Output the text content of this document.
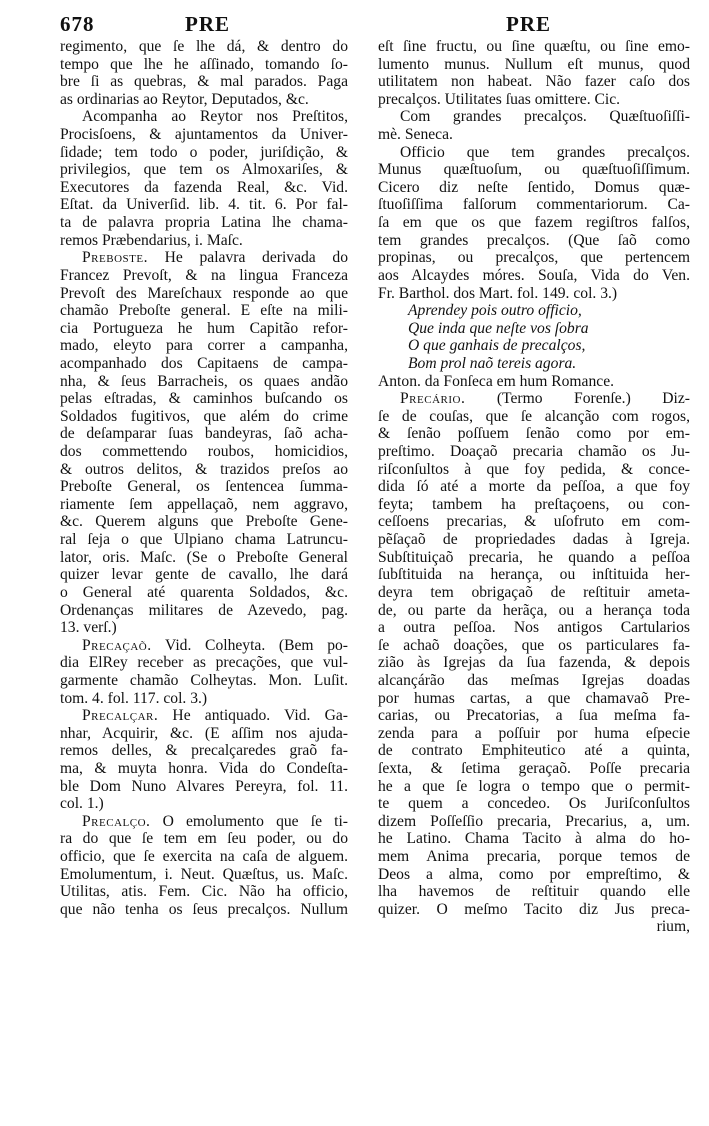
678	PRE	PRE
regimento, que ſe lhe dá, & dentro do
tempo que lhe he aſſinado, tomando ſo-
bre ſi as quebras, & mal parados. Paga
as ordinarias ao Reytor, Deputados, &c.
Acompanha ao Reytor nos Preſtitos,
Procisſoens, & ajuntamentos da Univer-
ſidade; tem todo o poder, juriſdição, &
privilegios, que tem os Almoxariſes, &
Executores da fazenda Real, &c. Vid.
Eſtat. da Univerſid. lib. 4. tit. 6. Por fal-
ta de palavra propria Latina lhe chama-
remos Præbendarius, i. Maſc.
Preboste. He palavra derivada do
Francez Prevoſt, & na lingua Franceza
Prevoſt des Mareſchaux responde ao que
chamão Preboſte general. E eſte na mili-
cia Portugueza he hum Capitão refor-
mado, eleyto para correr a campanha,
acompanhado dos Capitaens de campa-
nha, & ſeus Barracheis, os quaes andão
pelas eſtradas, & caminhos buſcando os
Soldados fugitivos, que além do crime
de deſamparar ſuas bandeyras, ſaõ acha-
dos commettendo roubos, homicidios,
& outros delitos, & trazidos preſos ao
Preboſte General, os ſentencea ſumma-
riamente ſem appellaçaõ, nem aggravo,
&c. Querem alguns que Preboſte Gene-
ral ſeja o que Ulpiano chama Latruncu-
lator, oris. Maſc. (Se o Preboſte General
quizer levar gente de cavallo, lhe dará
o General até quarenta Soldados, &c.
Ordenanças militares de Azevedo, pag.
13. verſ.)
Precaçaõ. Vid. Colheyta. (Bem po-
dia ElRey receber as precações, que vul-
garmente chamão Colheytas. Mon. Luſit.
tom. 4. fol. 117. col. 3.)
Precalçar. He antiquado. Vid. Ga-
nhar, Acquirir, &c. (E aſſim nos ajuda-
remos delles, & precalçaredes graõ fa-
ma, & muyta honra. Vida do Condeſta-
ble Dom Nuno Alvares Pereyra, fol. 11.
col. 1.)
Precalço. O emolumento que ſe ti-
ra do que ſe tem em ſeu poder, ou do
officio, que ſe exercita na caſa de alguem.
Emolumentum, i. Neut. Quæſtus, us. Maſc.
Utilitas, atis. Fem. Cic. Não ha officio,
que não tenha os ſeus precalços. Nullum
eſt ſine fructu, ou ſine quæſtu, ou ſine emo-
lumento munus. Nullum eſt munus, quod
utilitatem non habeat. Não fazer caſo dos
precalços. Utilitates ſuas omittere. Cic.
Com grandes precalços. Quæſtuoſiſſi-
mè. Seneca.
Officio que tem grandes precalços.
Munus quæſtuoſum, ou quæſtuoſiſſimum.
Cicero diz neſte ſentido, Domus quæ-
ſtuoſiſſima falſorum commentariorum. Ca-
ſa em que os que fazem regiſtros falſos,
tem grandes precalços. (Que ſaõ como
propinas, ou precalços, que pertencem
aos Alcaydes móres. Souſa, Vida do Ven.
Fr. Barthol. dos Mart. fol. 149. col. 3.)
Aprendey pois outro officio,
Que inda que neſte vos ſobra
O que ganhais de precalços,
Bom prol naõ tereis agora.
Anton. da Fonſeca em hum Romance.
Precário. (Termo Forenſe.) Diz-
ſe de couſas, que ſe alcanção com rogos,
& ſenão poſſuem ſenão como por em-
preſtimo. Doaçaõ precaria chamão os Ju-
riſconſultos à que foy pedida, & conce-
dida ſó até a morte da peſſoa, a que foy
feyta; tambem ha preſtaçoens, ou con-
ceſſoens precarias, & uſofruto em com-
pẽſaçaõ de propriedades dadas à Igreja.
Subſtituiçaõ precaria, he quando a peſſoa
ſubſtituida na herança, ou inſtituida her-
deyra tem obrigaçaõ de reſtituir ameta-
de, ou parte da herãça, ou a herança toda
a outra peſſoa. Nos antigos Cartularios
ſe achaõ doações, que os particulares fa-
zião às Igrejas da ſua fazenda, & depois
alcançárão das meſmas Igrejas doadas
por humas cartas, a que chamavaõ Pre-
carias, ou Precatorias, a ſua meſma fa-
zenda para a poſſuir por huma eſpecie
de contrato Emphiteutico até a quinta,
ſexta, & ſetima geraçaõ. Poſſe precaria
he a que ſe logra o tempo que o permit-
te quem a concedeo. Os Juriſconſultos
dizem Poſſeſſio precaria, Precarius, a, um.
he Latino. Chama Tacito à alma do ho-
mem Anima precaria, porque temos de
Deos a alma, como por empreſtimo, &
lha havemos de reſtituir quando elle
quizer. O meſmo Tacito diz Jus preca-
rium,
